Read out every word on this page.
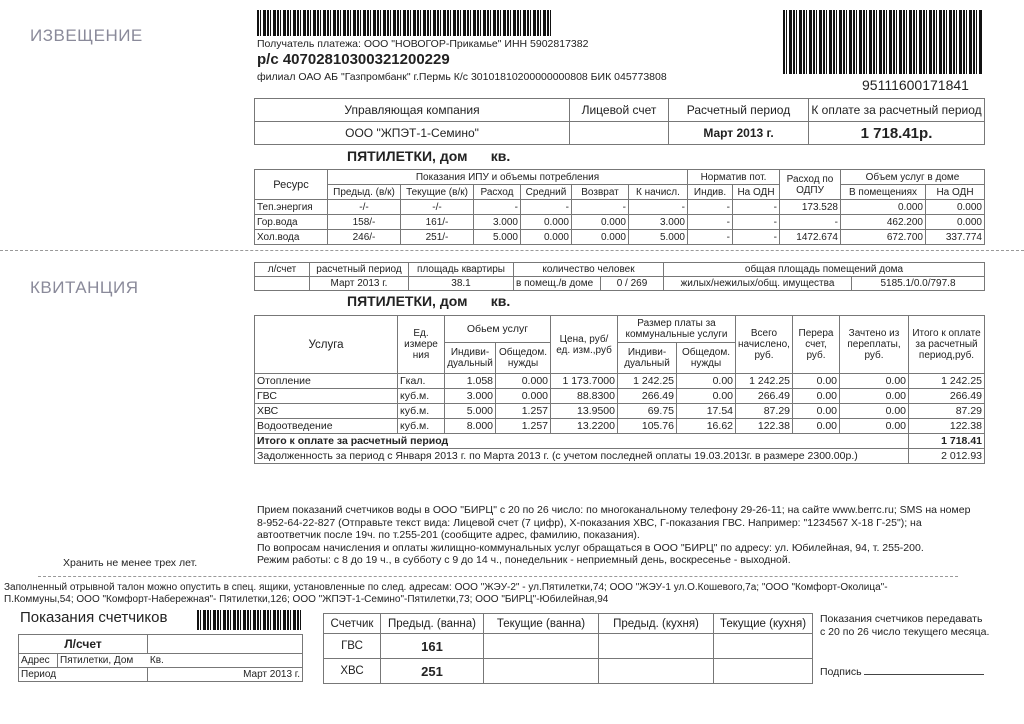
ИЗВЕЩЕНИЕ
КВИТАНЦИЯ
Хранить не менее трех лет.
Получатель платежа: ООО "НОВОГОР-Прикамье" ИНН 5902817382
р/с 40702810300321200229
филиал ОАО АБ "Газпромбанк" г.Пермь К/с 30101810200000000808 БИК 045773808	95111600171841
Управляющая компания	Лицевой счет	Расчетный период	К оплате за расчетный период
ООО "ЖПЭТ-1-Семино"		Март 2013 г.	1 718.41р.
ПЯТИЛЕТКИ, дом      кв.
Ресурс	Показания ИПУ и объемы потребления						Норматив пот.		Расход по ОДПУ	Объем услуг в доме	
	Предыд. (в/к)	Текущие (в/к)	Расход	Средний	Возврат	К начисл.	Индив.	На ОДН		В помещениях	На ОДН
Теп.энергия	-/-	-/-	-	-	-	-	-	-	173.528	0.000	0.000
Гор.вода	158/-	161/-	3.000	0.000	0.000	3.000	-	-	-	462.200	0.000
Хол.вода	246/-	251/-	5.000	0.000	0.000	5.000	-	-	1472.674	672.700	337.774
л/счет	расчетный период	площадь квартиры	количество человек		общая площадь помещений дома	
	Март 2013 г.	38.1	в помещ./в доме	0 / 269	жилых/нежилых/общ. имущества	5185.1/0.0/797.8
ПЯТИЛЕТКИ, дом      кв.
Услуга	Ед. измере ния	Обьем услуг		Цена, руб/ед. изм.,руб	Размер платы за коммунальные услуги		Всего начислено, руб.	Перера счет, руб.	Зачтено из переплаты, руб.	Итого к оплате за расчетный период,руб.
		Индиви- дуальный	Общедом. нужды		Индиви- дуальный	Общедом. нужды				
Отопление	Гкал.	1.058	0.000	1 173.7000	1 242.25	0.00	1 242.25	0.00	0.00	1 242.25
ГВС	куб.м.	3.000	0.000	88.8300	266.49	0.00	266.49	0.00	0.00	266.49
ХВС	куб.м.	5.000	1.257	13.9500	69.75	17.54	87.29	0.00	0.00	87.29
Водоотведение	куб.м.	8.000	1.257	13.2200	105.76	16.62	122.38	0.00	0.00	122.38
Итого к оплате за расчетный период										1 718.41
Задолженность за период с Января 2013 г. по Марта 2013 г. (с учетом последней оплаты 19.03.2013г. в размере 2300.00р.)										2 012.93
Прием показаний счетчиков воды в ООО "БИРЦ" с 20 по 26 число: по многоканальному телефону 29-26-11; на сайте www.berrc.ru; SMS на номер
8-952-64-22-827 (Отправьте текст вида: Лицевой счет (7 цифр), Х-показания ХВС, Г-показания ГВС. Например: "1234567 Х-18 Г-25"); на
автоответчик после 19ч. по т.255-201 (сообщите адрес, фамилию, показания).
По вопросам начисления и оплаты жилищно-коммунальных услуг обращаться в ООО "БИРЦ" по адресу: ул. Юбилейная, 94, т. 255-200.
Режим работы: с 8 до 19 ч., в субботу с 9 до 14 ч., понедельник - неприемный день, воскресенье - выходной.
Заполненный отрывной талон можно опустить в спец. ящики, установленные по след. адресам: ООО "ЖЭУ-2" - ул.Пятилетки,74; ООО "ЖЭУ-1 ул.О.Кошевого,7а; "ООО "Комфорт-Околица"-
П.Коммуны,54; ООО "Комфорт-Набережная"- Пятилетки,126; ООО "ЖПЭТ-1-Семино"-Пятилетки,73; ООО "БИРЦ"-Юбилейная,94
Показания счетчиков
Л/счет		
Адрес	Пятилетки, Дом      Кв.	
Период		Март 2013 г.
Счетчик	Предыд. (ванна)	Текущие (ванна)	Предыд. (кухня)	Текущие (кухня)
ГВС	161			
ХВС	251			
Показания счетчиков передавать с 20 по 26 число текущего месяца.
Подпись
